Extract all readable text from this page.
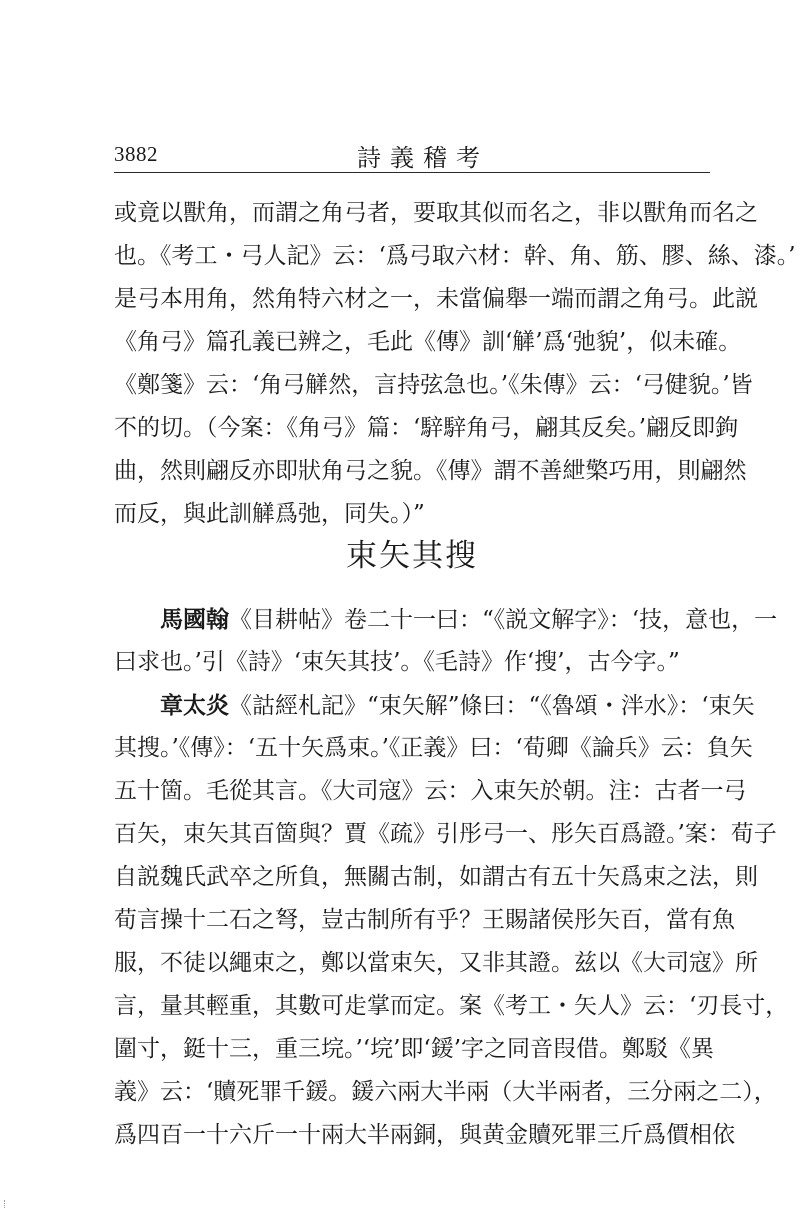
3882	詩義稽考
或竟以獸角，而謂之角弓者，要取其似而名之，非以獸角而名之
也。《考工・弓人記》云：‘爲弓取六材：幹、角、筋、膠、絲、漆。’
是弓本用角，然角特六材之一，未當偏舉一端而謂之角弓。此説
《角弓》篇孔義已辨之，毛此《傳》訓‘觲’爲‘弛貌’，似未確。
《鄭箋》云：‘角弓觲然，言持弦急也。’《朱傳》云：‘弓健貌。’皆
不的切。（今案：《角弓》篇：‘騂騂角弓，翩其反矣。’翩反即鉤
曲，然則翩反亦即狀角弓之貌。《傳》謂不善紲檠巧用，則翩然
而反，與此訓觲爲弛，同失。）”
束矢其搜
馬國翰《目耕帖》卷二十一曰：“《説文解字》：‘技，意也，一
曰求也。’引《詩》‘束矢其技’。《毛詩》作‘搜’，古今字。”
章太炎《詁經札記》“束矢解”條曰：“《魯頌・泮水》：‘束矢
其搜。’《傳》：‘五十矢爲束。’《正義》曰：‘荀卿《論兵》云：負矢
五十箇。毛從其言。《大司寇》云：入束矢於朝。注：古者一弓
百矢，束矢其百箇與？賈《疏》引彤弓一、彤矢百爲證。’案：荀子
自説魏氏武卒之所負，無關古制，如謂古有五十矢爲束之法，則
荀言操十二石之弩，豈古制所有乎？王賜諸侯彤矢百，當有魚
服，不徒以繩束之，鄭以當束矢，又非其證。兹以《大司寇》所
言，量其輕重，其數可歨掌而定。案《考工・矢人》云：‘刃長寸，
圍寸，鋌十三，重三垸。’‘垸’即‘鍰’字之同音叚借。鄭駁《異
義》云：‘贖死罪千鍰。鍰六兩大半兩（大半兩者，三分兩之二），
爲四百一十六斤一十兩大半兩銅，與黄金贖死罪三斤爲價相依
